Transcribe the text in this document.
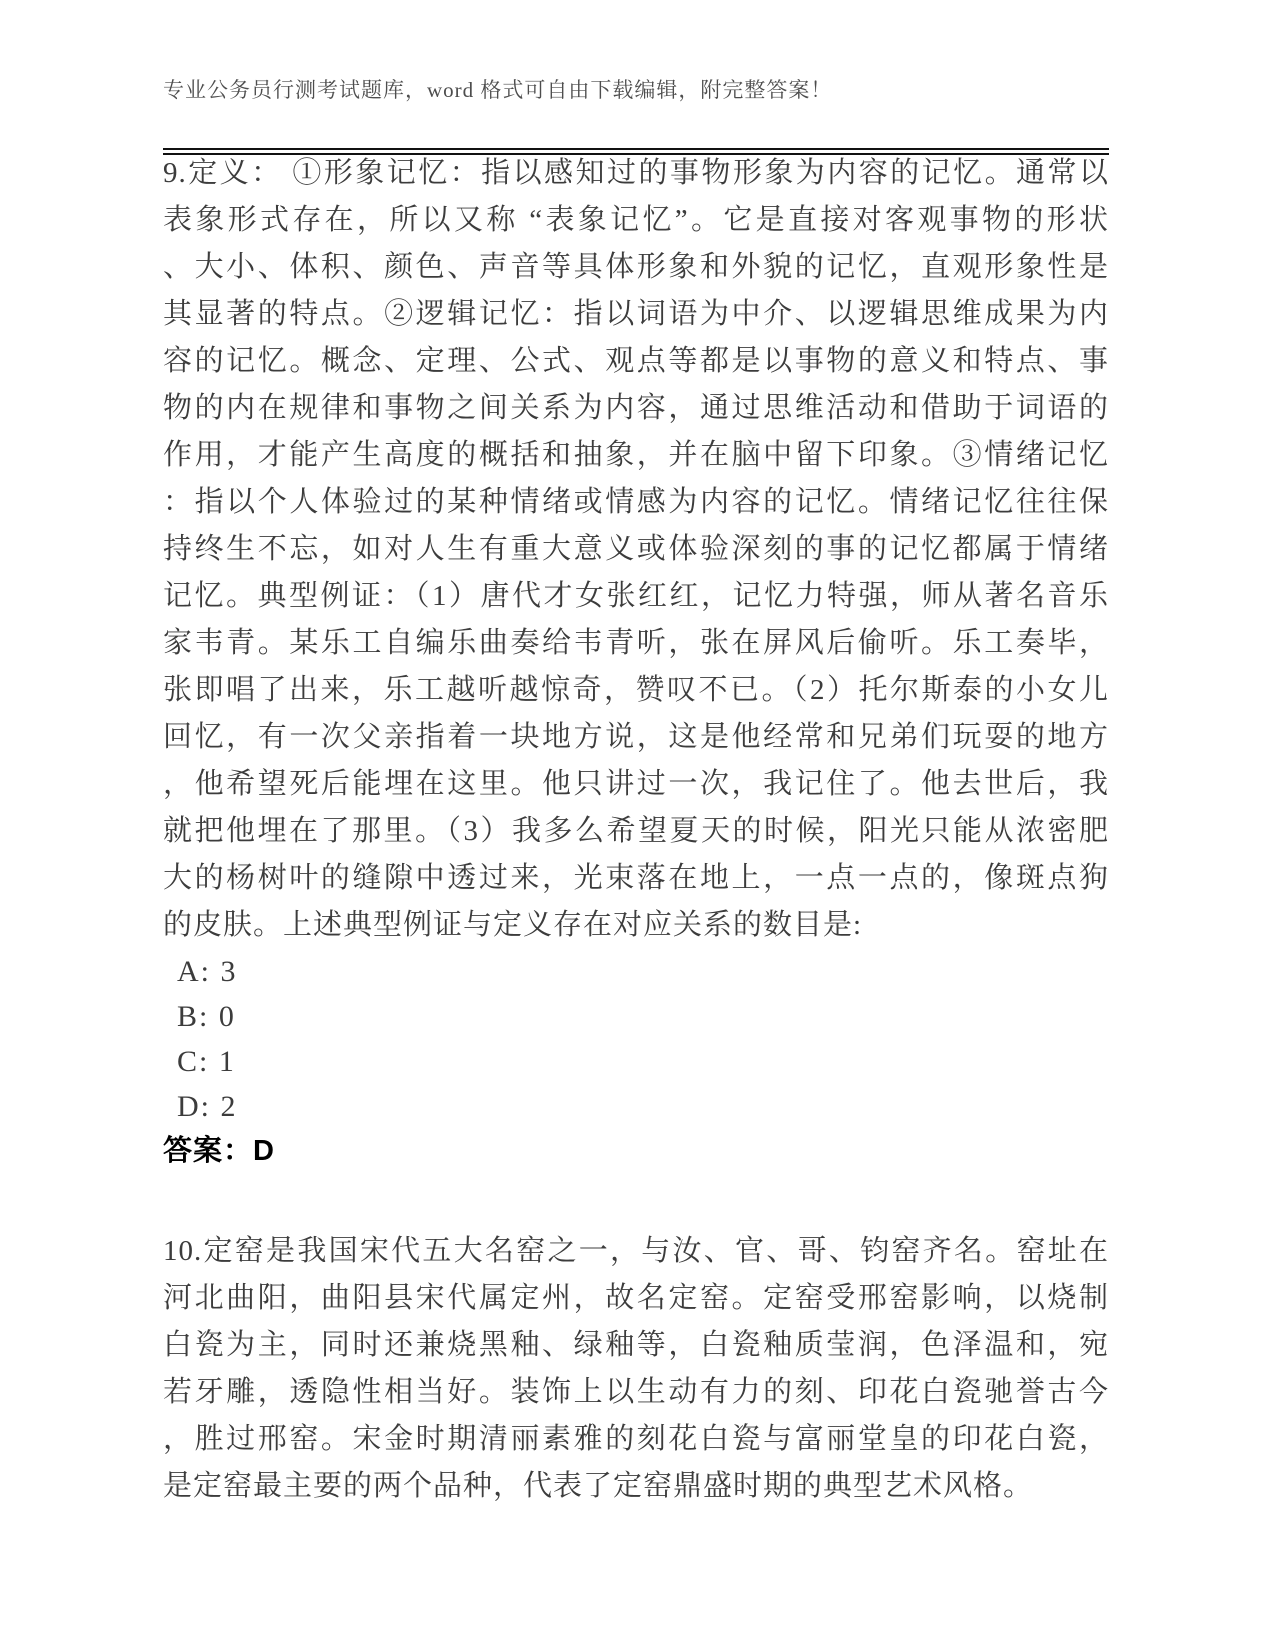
专业公务员行测考试题库，word 格式可自由下载编辑，附完整答案！
9.定义： ①形象记忆：指以感知过的事物形象为内容的记忆。通常以
表象形式存在，所以又称 “表象记忆”。它是直接对客观事物的形状
、大小、体积、颜色、声音等具体形象和外貌的记忆，直观形象性是
其显著的特点。②逻辑记忆：指以词语为中介、以逻辑思维成果为内
容的记忆。概念、定理、公式、观点等都是以事物的意义和特点、事
物的内在规律和事物之间关系为内容，通过思维活动和借助于词语的
作用，才能产生高度的概括和抽象，并在脑中留下印象。③情绪记忆
：指以个人体验过的某种情绪或情感为内容的记忆。情绪记忆往往保
持终生不忘，如对人生有重大意义或体验深刻的事的记忆都属于情绪
记忆。典型例证：（1）唐代才女张红红，记忆力特强，师从著名音乐
家韦青。某乐工自编乐曲奏给韦青听，张在屏风后偷听。乐工奏毕，
张即唱了出来，乐工越听越惊奇，赞叹不已。（2）托尔斯泰的小女儿
回忆，有一次父亲指着一块地方说，这是他经常和兄弟们玩耍的地方
，他希望死后能埋在这里。他只讲过一次，我记住了。他去世后，我
就把他埋在了那里。（3）我多么希望夏天的时候，阳光只能从浓密肥
大的杨树叶的缝隙中透过来，光束落在地上，一点一点的，像斑点狗
的皮肤。上述典型例证与定义存在对应关系的数目是:
A: 3
B: 0
C: 1
D: 2
答案：D
10.定窑是我国宋代五大名窑之一，与汝、官、哥、钧窑齐名。窑址在
河北曲阳，曲阳县宋代属定州，故名定窑。定窑受邢窑影响，以烧制
白瓷为主，同时还兼烧黑釉、绿釉等，白瓷釉质莹润，色泽温和，宛
若牙雕，透隐性相当好。装饰上以生动有力的刻、印花白瓷驰誉古今
，胜过邢窑。宋金时期清丽素雅的刻花白瓷与富丽堂皇的印花白瓷，
是定窑最主要的两个品种，代表了定窑鼎盛时期的典型艺术风格。
